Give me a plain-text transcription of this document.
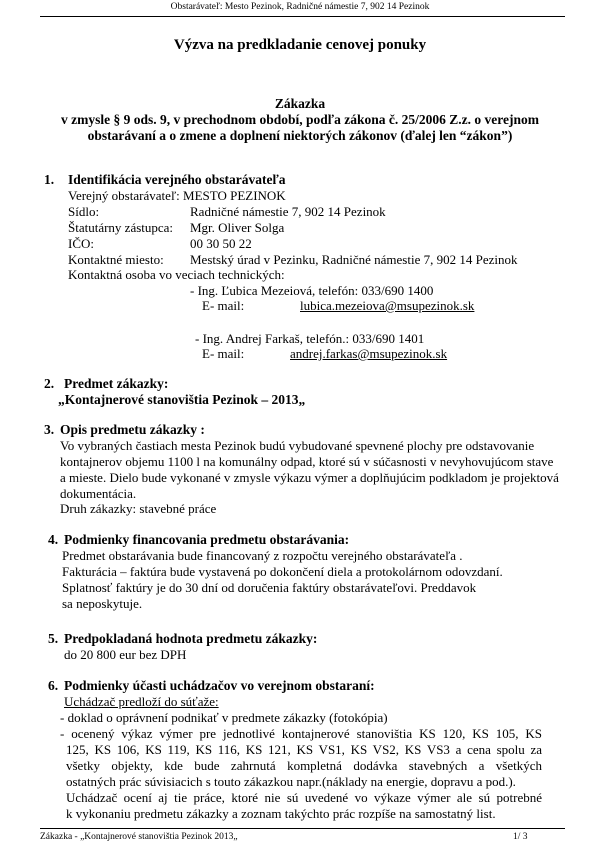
Obstarávateľ: Mesto Pezinok, Radničné námestie 7, 902 14 Pezinok
Výzva na predkladanie cenovej ponuky
Zákazka
v zmysle § 9 ods. 9, v prechodnom období, podľa zákona č. 25/2006 Z.z. o verejnom
obstarávaní a o zmene a doplnení niektorých zákonov (ďalej len “zákon”)
1. Identifikácia verejného obstarávateľa
Verejný obstarávateľ: MESTO PEZINOK
Sídlo:	Radničné námestie 7, 902 14 Pezinok
Štatutárny zástupca: Mgr. Oliver Solga
IČO:	00 30 50 22
Kontaktné miesto: Mestský úrad v Pezinku, Radničné námestie 7, 902 14 Pezinok
Kontaktná osoba vo veciach technických:
- Ing. Ľubica Mezeiová, telefón: 033/690 1400
E- mail:	lubica.mezeiova@msupezinok.sk
- Ing. Andrej Farkaš, telefón.: 033/690 1401
E- mail:	andrej.farkas@msupezinok.sk
2. Predmet zákazky:
„Kontajnerové stanovištia Pezinok – 2013„
3. Opis predmetu zákazky :
Vo vybraných častiach mesta Pezinok budú vybudované spevnené plochy pre odstavovanie
kontajnerov objemu 1100 l na komunálny odpad, ktoré sú v súčasnosti v nevyhovujúcom stave
a mieste. Dielo bude vykonané v zmysle výkazu výmer a doplňujúcim podkladom je projektová
dokumentácia.
Druh zákazky: stavebné práce
4. Podmienky financovania predmetu obstarávania:
Predmet obstarávania bude financovaný z rozpočtu verejného obstarávateľa .
Fakturácia – faktúra bude vystavená po dokončení diela a protokolárnom odovzdaní.
Splatnosť faktúry je do 30 dní od doručenia faktúry obstarávateľovi. Preddavok
sa neposkytuje.
5. Predpokladaná hodnota predmetu zákazky:
do 20 800 eur bez DPH
6. Podmienky účasti uchádzačov vo verejnom obstaraní:
Uchádzač predloží do súťaže:
- doklad o oprávnení podnikať v predmete zákazky (fotokópia)
- ocenený výkaz výmer pre jednotlivé kontajnerové stanovištia KS 120, KS 105, KS
125, KS 106, KS 119, KS 116, KS 121, KS VS1, KS VS2, KS VS3 a cena spolu za
všetky objekty, kde bude zahrnutá kompletná dodávka stavebných a všetkých
ostatných prác súvisiacich s touto zákazkou napr.(náklady na energie, dopravu a pod.).
Uchádzač ocení aj tie práce, ktoré nie sú uvedené vo výkaze výmer ale sú potrebné
k vykonaniu predmetu zákazky a zoznam takýchto prác rozpíše na samostatný list.
Zákazka - „Kontajnerové stanovištia Pezinok 2013„	1/ 3
